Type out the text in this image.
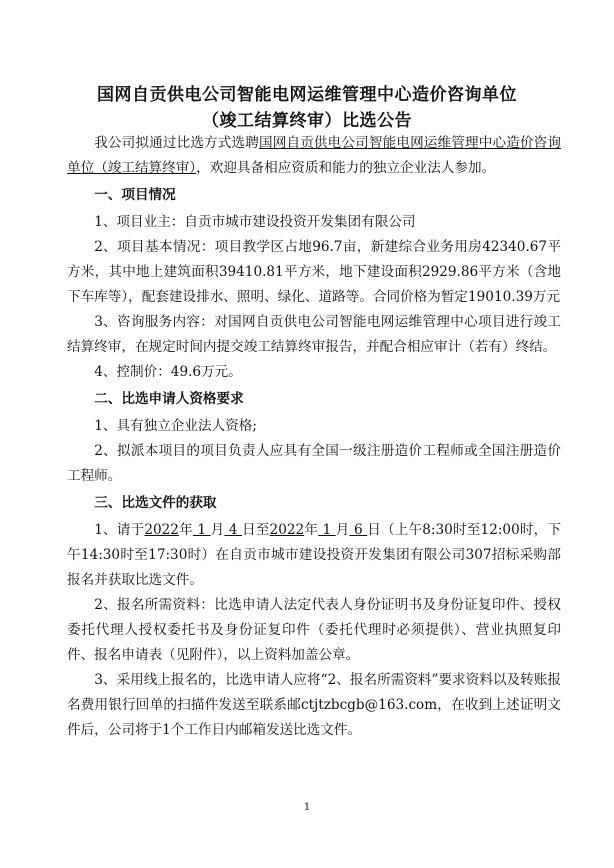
国网自贡供电公司智能电网运维管理中心造价咨询单位
（竣工结算终审）比选公告

我公司拟通过比选方式选聘国网自贡供电公司智能电网运维管理中心造价咨询单位（竣工结算终审），欢迎具备相应资质和能力的独立企业法人参加。

一、项目情况

1、项目业主：自贡市城市建设投资开发集团有限公司

2、项目基本情况：项目教学区占地96.7亩，新建综合业务用房42340.67平方米，其中地上建筑面积39410.81平方米，地下建设面积2929.86平方米（含地下车库等），配套建设排水、照明、绿化、道路等。合同价格为暂定19010.39万元

3、咨询服务内容：对国网自贡供电公司智能电网运维管理中心项目进行竣工结算终审，在规定时间内提交竣工结算终审报告，并配合相应审计（若有）终结。

4、控制价：49.6万元。

二、比选申请人资格要求

1、具有独立企业法人资格;

2、拟派本项目的项目负责人应具有全国一级注册造价工程师或全国注册造价工程师。

三、比选文件的获取

1、请于2022年 1 月 4 日至2022年 1 月 6 日（上午8:30时至12:00时，下午14:30时至17:30时）在自贡市城市建设投资开发集团有限公司307招标采购部报名并获取比选文件。

2、报名所需资料：比选申请人法定代表人身份证明书及身份证复印件、授权委托代理人授权委托书及身份证复印件（委托代理时必须提供）、营业执照复印件、报名申请表（见附件），以上资料加盖公章。

3、采用线上报名的，比选申请人应将“2、报名所需资料”要求资料以及转账报名费用银行回单的扫描件发送至联系邮ctjtzbcgb@163.com，在收到上述证明文件后，公司将于1个工作日内邮箱发送比选文件。

1
